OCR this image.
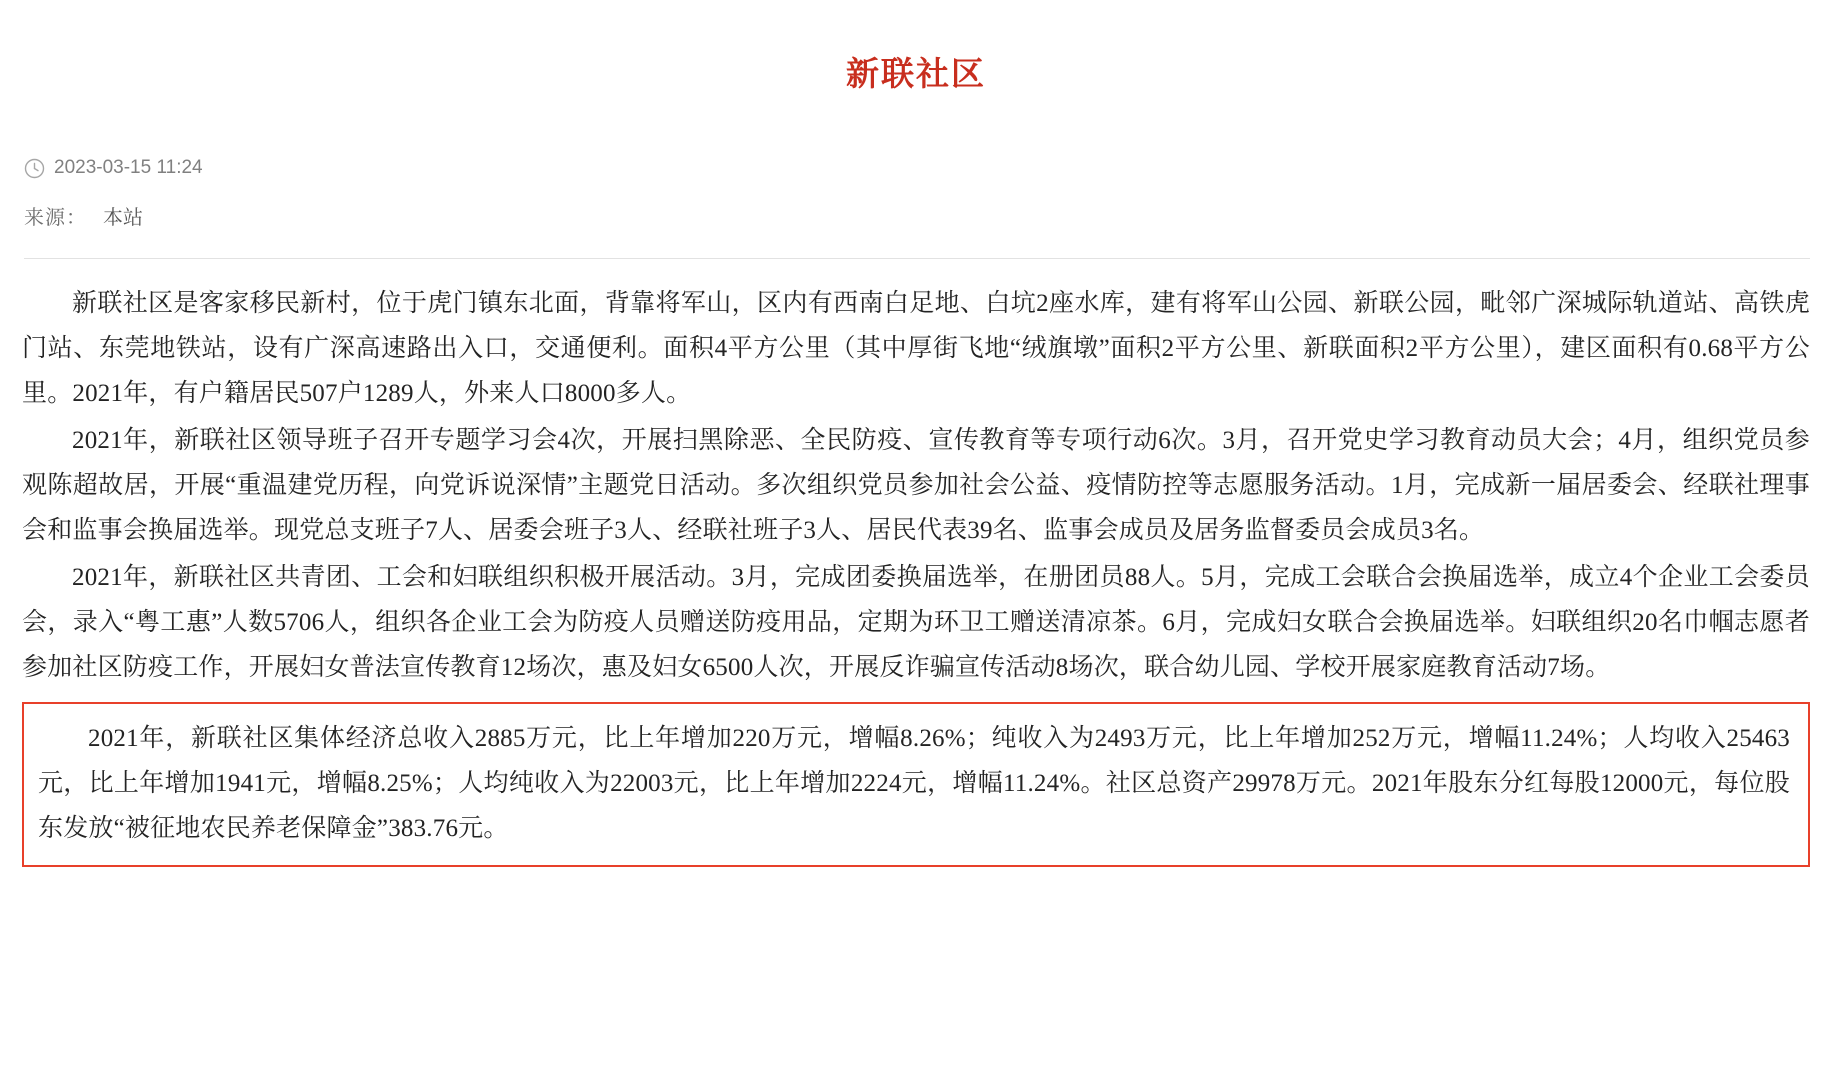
新联社区
2023-03-15 11:24
来源： 本站

新联社区是客家移民新村，位于虎门镇东北面，背靠将军山，区内有西南白足地、白坑2座水库，建有将军山公园、新联公园，毗邻广深城际轨道站、高铁虎门站、东莞地铁站，设有广深高速路出入口，交通便利。面积4平方公里（其中厚街飞地“绒旗墩”面积2平方公里、新联面积2平方公里），建区面积有0.68平方公里。2021年，有户籍居民507户1289人，外来人口8000多人。

2021年，新联社区领导班子召开专题学习会4次，开展扫黑除恶、全民防疫、宣传教育等专项行动6次。3月，召开党史学习教育动员大会；4月，组织党员参观陈超故居，开展“重温建党历程，向党诉说深情”主题党日活动。多次组织党员参加社会公益、疫情防控等志愿服务活动。1月，完成新一届居委会、经联社理事会和监事会换届选举。现党总支班子7人、居委会班子3人、经联社班子3人、居民代表39名、监事会成员及居务监督委员会成员3名。

2021年，新联社区共青团、工会和妇联组织积极开展活动。3月，完成团委换届选举，在册团员88人。5月，完成工会联合会换届选举，成立4个企业工会委员会，录入“粤工惠”人数5706人，组织各企业工会为防疫人员赠送防疫用品，定期为环卫工赠送清凉茶。6月，完成妇女联合会换届选举。妇联组织20名巾帼志愿者参加社区防疫工作，开展妇女普法宣传教育12场次，惠及妇女6500人次，开展反诈骗宣传活动8场次，联合幼儿园、学校开展家庭教育活动7场。

2021年，新联社区集体经济总收入2885万元，比上年增加220万元，增幅8.26%；纯收入为2493万元，比上年增加252万元，增幅11.24%；人均收入25463元，比上年增加1941元，增幅8.25%；人均纯收入为22003元，比上年增加2224元，增幅11.24%。社区总资产29978万元。2021年股东分红每股12000元，每位股东发放“被征地农民养老保障金”383.76元。
